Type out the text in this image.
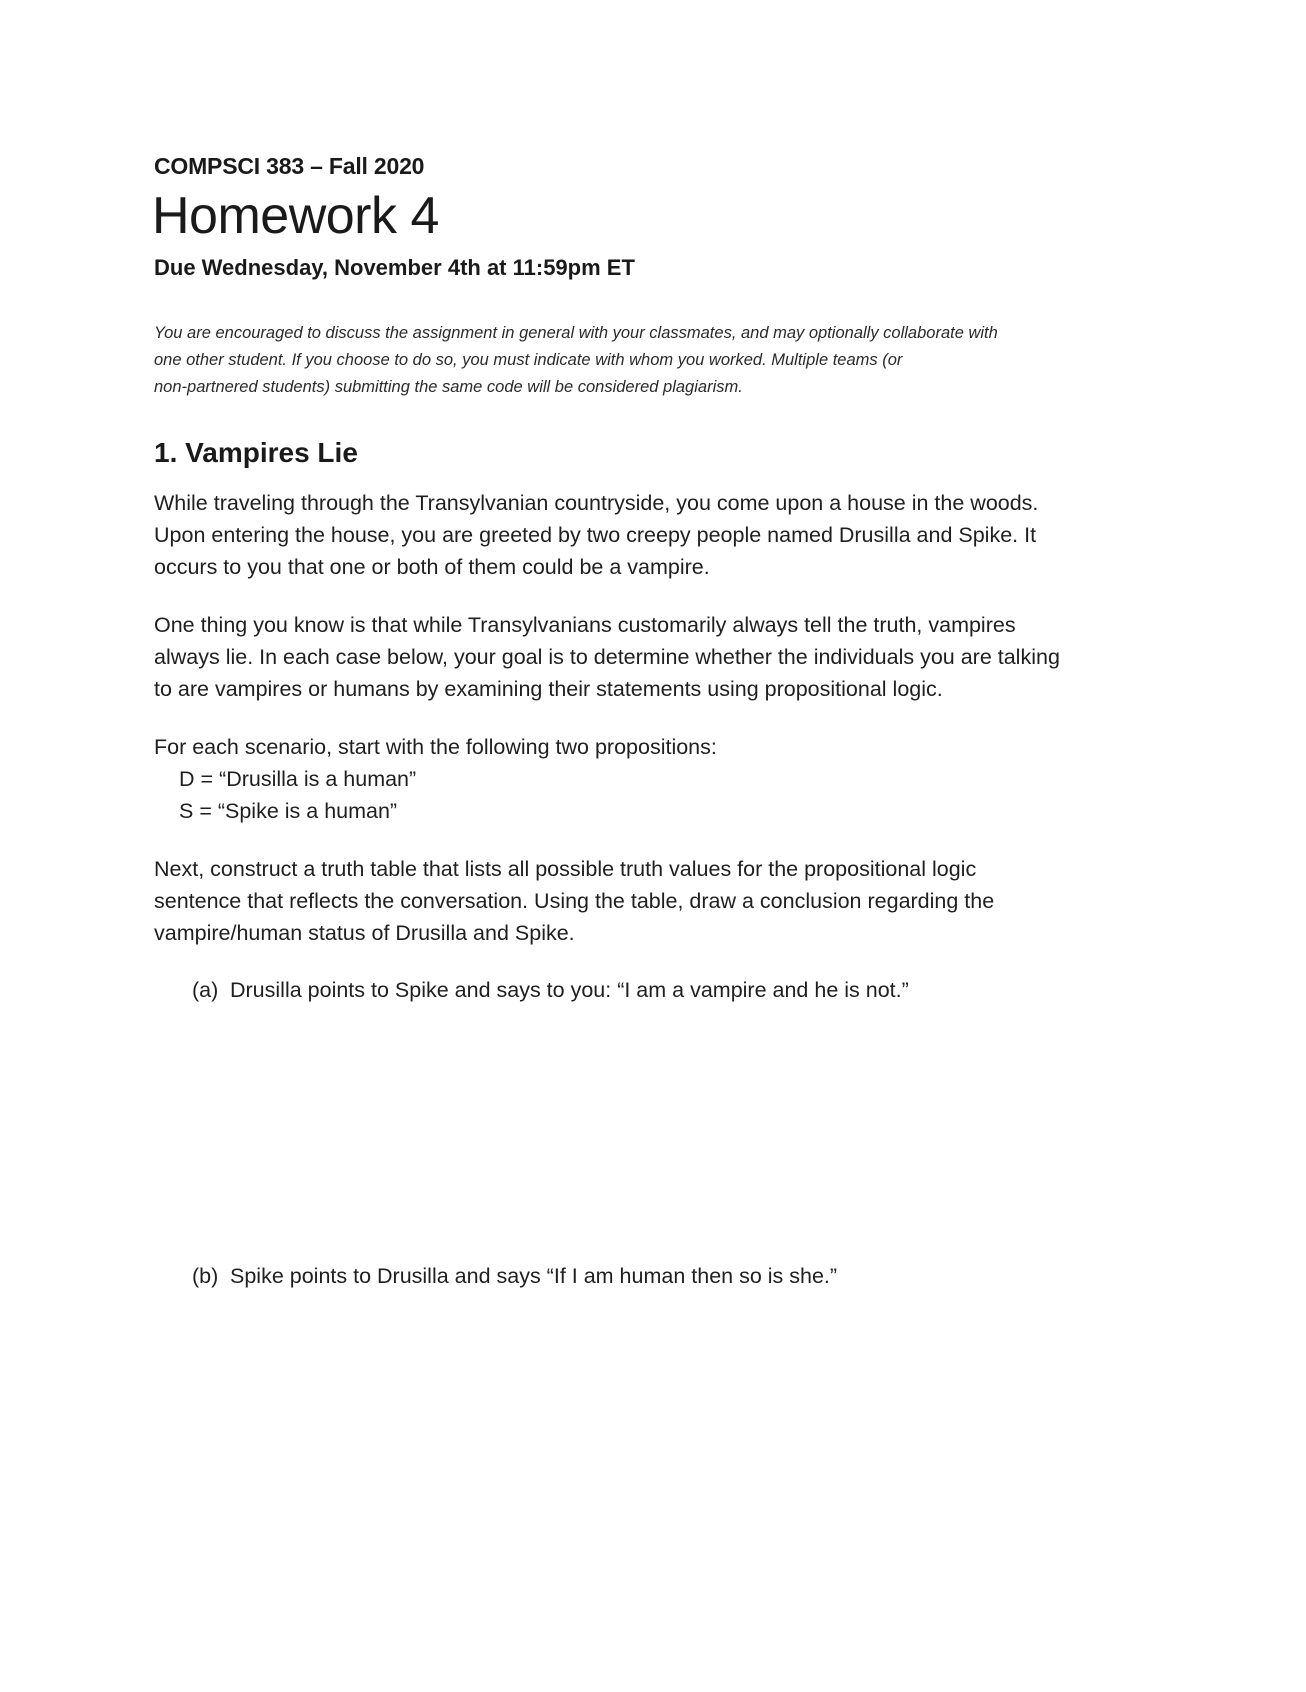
COMPSCI 383 – Fall 2020
Homework 4
Due Wednesday, November 4th at 11:59pm ET
You are encouraged to discuss the assignment in general with your classmates, and may optionally collaborate with
one other student. If you choose to do so, you must indicate with whom you worked. Multiple teams (or
non-partnered students) submitting the same code will be considered plagiarism.
1. Vampires Lie
While traveling through the Transylvanian countryside, you come upon a house in the woods.
Upon entering the house, you are greeted by two creepy people named Drusilla and Spike. It
occurs to you that one or both of them could be a vampire.
One thing you know is that while Transylvanians customarily always tell the truth, vampires
always lie. In each case below, your goal is to determine whether the individuals you are talking
to are vampires or humans by examining their statements using propositional logic.
For each scenario, start with the following two propositions:
D = “Drusilla is a human”
S = “Spike is a human”
Next, construct a truth table that lists all possible truth values for the propositional logic
sentence that reflects the conversation. Using the table, draw a conclusion regarding the
vampire/human status of Drusilla and Spike.
(a) Drusilla points to Spike and says to you: “I am a vampire and he is not.”
(b) Spike points to Drusilla and says “If I am human then so is she.”
